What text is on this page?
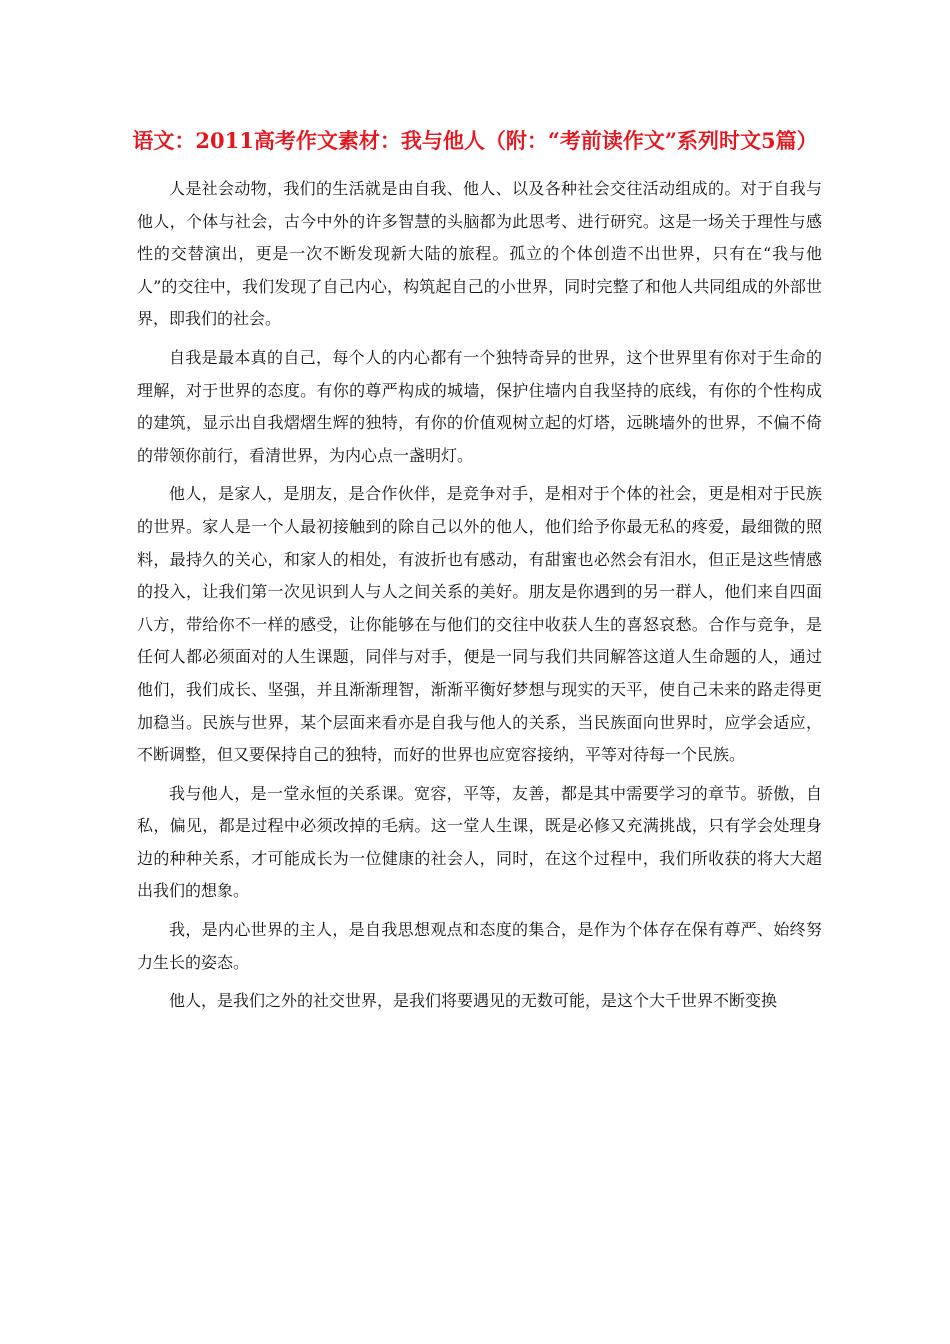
语文：2011高考作文素材：我与他人（附：“考前读作文”系列时文5篇）

人是社会动物，我们的生活就是由自我、他人、以及各种社会交往活动组成的。对于自我与他人，个体与社会，古今中外的许多智慧的头脑都为此思考、进行研究。这是一场关于理性与感性的交替演出，更是一次不断发现新大陆的旅程。孤立的个体创造不出世界，只有在“我与他人”的交往中，我们发现了自己内心，构筑起自己的小世界，同时完整了和他人共同组成的外部世界，即我们的社会。

自我是最本真的自己，每个人的内心都有一个独特奇异的世界，这个世界里有你对于生命的理解，对于世界的态度。有你的尊严构成的城墙，保护住墙内自我坚持的底线，有你的个性构成的建筑，显示出自我熠熠生辉的独特，有你的价值观树立起的灯塔，远眺墙外的世界，不偏不倚的带领你前行，看清世界，为内心点一盏明灯。

他人，是家人，是朋友，是合作伙伴，是竞争对手，是相对于个体的社会，更是相对于民族的世界。家人是一个人最初接触到的除自己以外的他人，他们给予你最无私的疼爱，最细微的照料，最持久的关心，和家人的相处，有波折也有感动，有甜蜜也必然会有泪水，但正是这些情感的投入，让我们第一次见识到人与人之间关系的美好。朋友是你遇到的另一群人，他们来自四面八方，带给你不一样的感受，让你能够在与他们的交往中收获人生的喜怒哀愁。合作与竞争，是任何人都必须面对的人生课题，同伴与对手，便是一同与我们共同解答这道人生命题的人，通过他们，我们成长、坚强，并且渐渐理智，渐渐平衡好梦想与现实的天平，使自己未来的路走得更加稳当。民族与世界，某个层面来看亦是自我与他人的关系，当民族面向世界时，应学会适应，不断调整，但又要保持自己的独特，而好的世界也应宽容接纳，平等对待每一个民族。

我与他人，是一堂永恒的关系课。宽容，平等，友善，都是其中需要学习的章节。骄傲，自私，偏见，都是过程中必须改掉的毛病。这一堂人生课，既是必修又充满挑战，只有学会处理身边的种种关系，才可能成长为一位健康的社会人，同时，在这个过程中，我们所收获的将大大超出我们的想象。

我，是内心世界的主人，是自我思想观点和态度的集合，是作为个体存在保有尊严、始终努力生长的姿态。

他人，是我们之外的社交世界，是我们将要遇见的无数可能，是这个大千世界不断变换
